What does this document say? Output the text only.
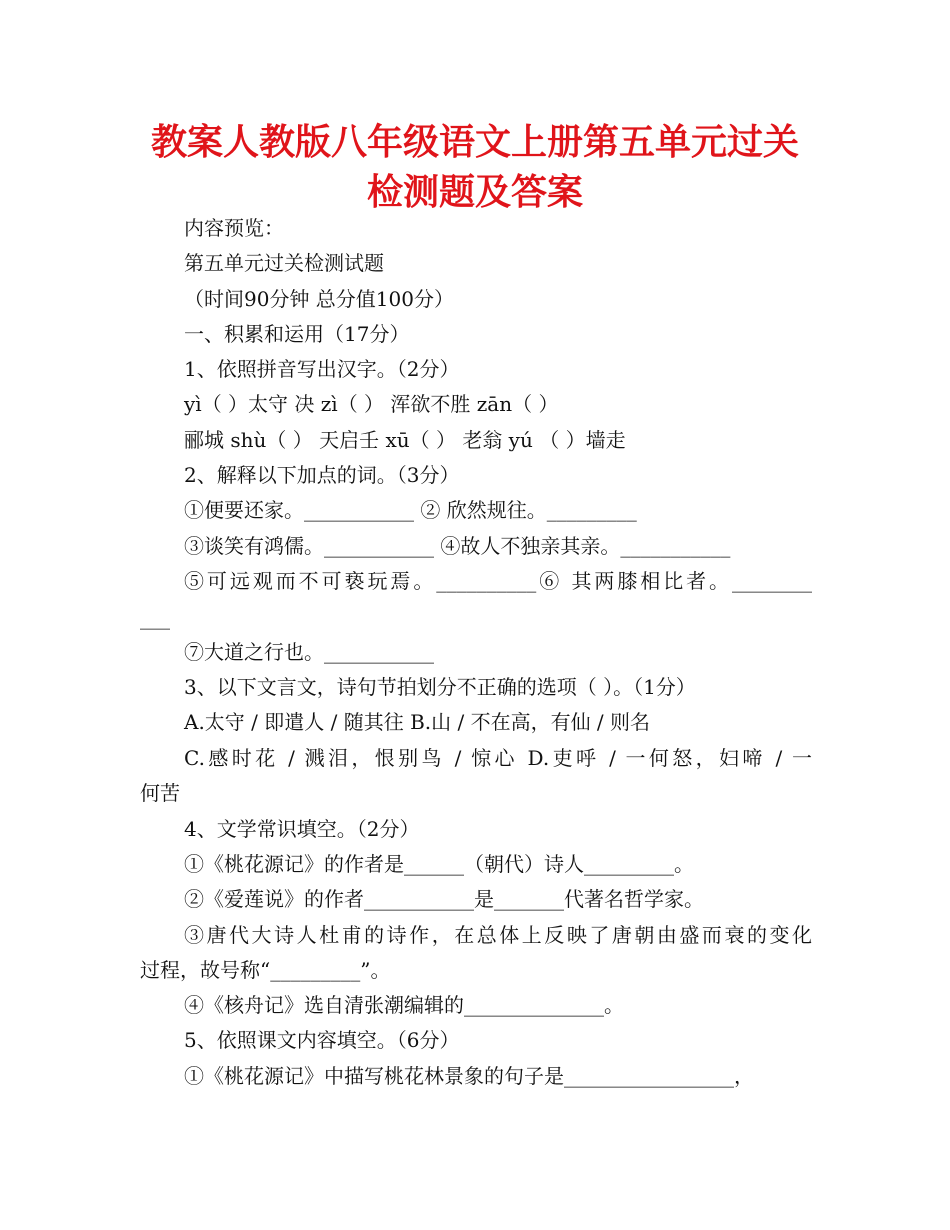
教案人教版八年级语文上册第五单元过关检测题及答案
内容预览：
第五单元过关检测试题
（时间90分钟 总分值100分）
一、积累和运用（17分）
1、依照拼音写出汉字。（2分）
yì（ ）太守 决 zì（ ） 浑欲不胜 zān（ ）
郦城 shù（ ） 天启壬 xū（ ） 老翁 yú （ ）墙走
2、解释以下加点的词。（3分）
①便要还家。___________ ② 欣然规往。_________
③谈笑有鸿儒。___________ ④故人不独亲其亲。___________
⑤可远观而不可亵玩焉。__________⑥ 其两膝相比者。________
___
⑦大道之行也。___________
3、以下文言文，诗句节拍划分不正确的选项（ ）。（1分）
A.太守 / 即遣人 / 随其往 B.山 / 不在高，有仙 / 则名
C.感时花 / 溅泪，恨别鸟 / 惊心 D.吏呼 / 一何怒，妇啼 / 一
何苦
4、文学常识填空。（2分）
①《桃花源记》的作者是______（朝代）诗人_________。
②《爱莲说》的作者___________是_______代著名哲学家。
③唐代大诗人杜甫的诗作，在总体上反映了唐朝由盛而衰的变化
过程，故号称“_________”。
④《核舟记》选自清张潮编辑的______________。
5、依照课文内容填空。（6分）
①《桃花源记》中描写桃花林景象的句子是_________________，
